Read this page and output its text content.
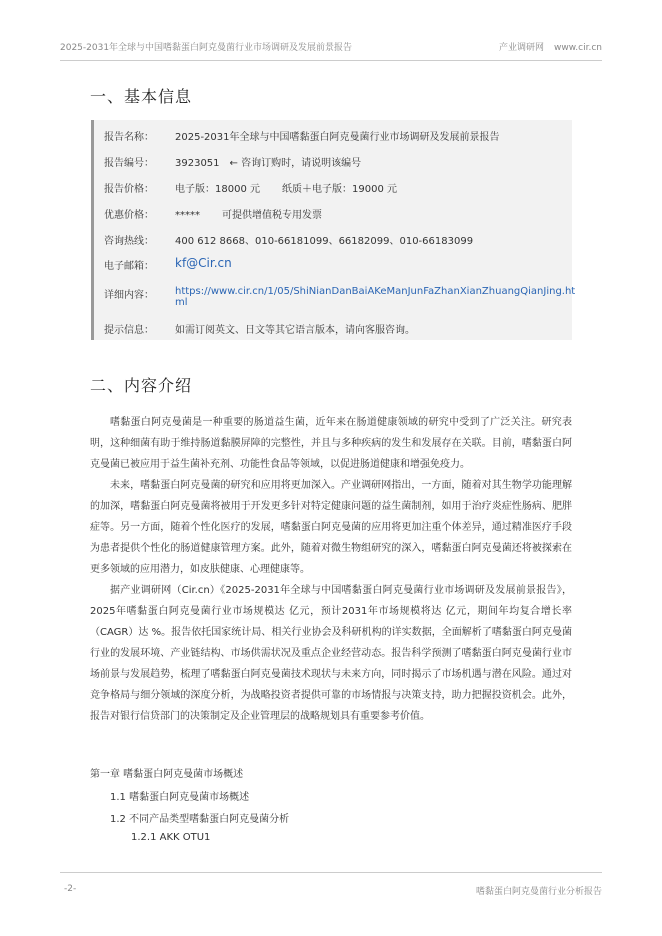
2025-2031年全球与中国嗜黏蛋白阿克曼菌行业市场调研及发展前景报告	产业调研网 www.cir.cn
一、基本信息
报告名称：	2025-2031年全球与中国嗜黏蛋白阿克曼菌行业市场调研及发展前景报告
报告编号：	3923051　← 咨询订购时，请说明该编号
报告价格：	电子版：18000 元 纸质＋电子版：19000 元
优惠价格：	***** 可提供增值税专用发票
咨询热线：	400 612 8668、010-66181099、66182099、010-66183099
电子邮箱：	kf@Cir.cn
详细内容：	https://www.cir.cn/1/05/ShiNianDanBaiAKeManJunFaZhanXianZhuangQianJing.html
提示信息：	如需订阅英文、日文等其它语言版本，请向客服咨询。
二、内容介绍

嗜黏蛋白阿克曼菌是一种重要的肠道益生菌，近年来在肠道健康领域的研究中受到了广泛关注。研究表明，这种细菌有助于维持肠道黏膜屏障的完整性，并且与多种疾病的发生和发展存在关联。目前，嗜黏蛋白阿克曼菌已被应用于益生菌补充剂、功能性食品等领域，以促进肠道健康和增强免疫力。

未来，嗜黏蛋白阿克曼菌的研究和应用将更加深入。产业调研网指出，一方面，随着对其生物学功能理解的加深，嗜黏蛋白阿克曼菌将被用于开发更多针对特定健康问题的益生菌制剂，如用于治疗炎症性肠病、肥胖症等。另一方面，随着个性化医疗的发展，嗜黏蛋白阿克曼菌的应用将更加注重个体差异，通过精准医疗手段为患者提供个性化的肠道健康管理方案。此外，随着对微生物组研究的深入，嗜黏蛋白阿克曼菌还将被探索在更多领域的应用潜力，如皮肤健康、心理健康等。

据产业调研网（Cir.cn）《2025-2031年全球与中国嗜黏蛋白阿克曼菌行业市场调研及发展前景报告》，2025年嗜黏蛋白阿克曼菌行业市场规模达 亿元，预计2031年市场规模将达 亿元，期间年均复合增长率（CAGR）达 %。报告依托国家统计局、相关行业协会及科研机构的详实数据，全面解析了嗜黏蛋白阿克曼菌行业的发展环境、产业链结构、市场供需状况及重点企业经营动态。报告科学预测了嗜黏蛋白阿克曼菌行业市场前景与发展趋势，梳理了嗜黏蛋白阿克曼菌技术现状与未来方向，同时揭示了市场机遇与潜在风险。通过对竞争格局与细分领域的深度分析，为战略投资者提供可靠的市场情报与决策支持，助力把握投资机会。此外，报告对银行信贷部门的决策制定及企业管理层的战略规划具有重要参考价值。

第一章 嗜黏蛋白阿克曼菌市场概述
1.1 嗜黏蛋白阿克曼菌市场概述
1.2 不同产品类型嗜黏蛋白阿克曼菌分析
1.2.1 AKK OTU1
-2-	嗜黏蛋白阿克曼菌行业分析报告
